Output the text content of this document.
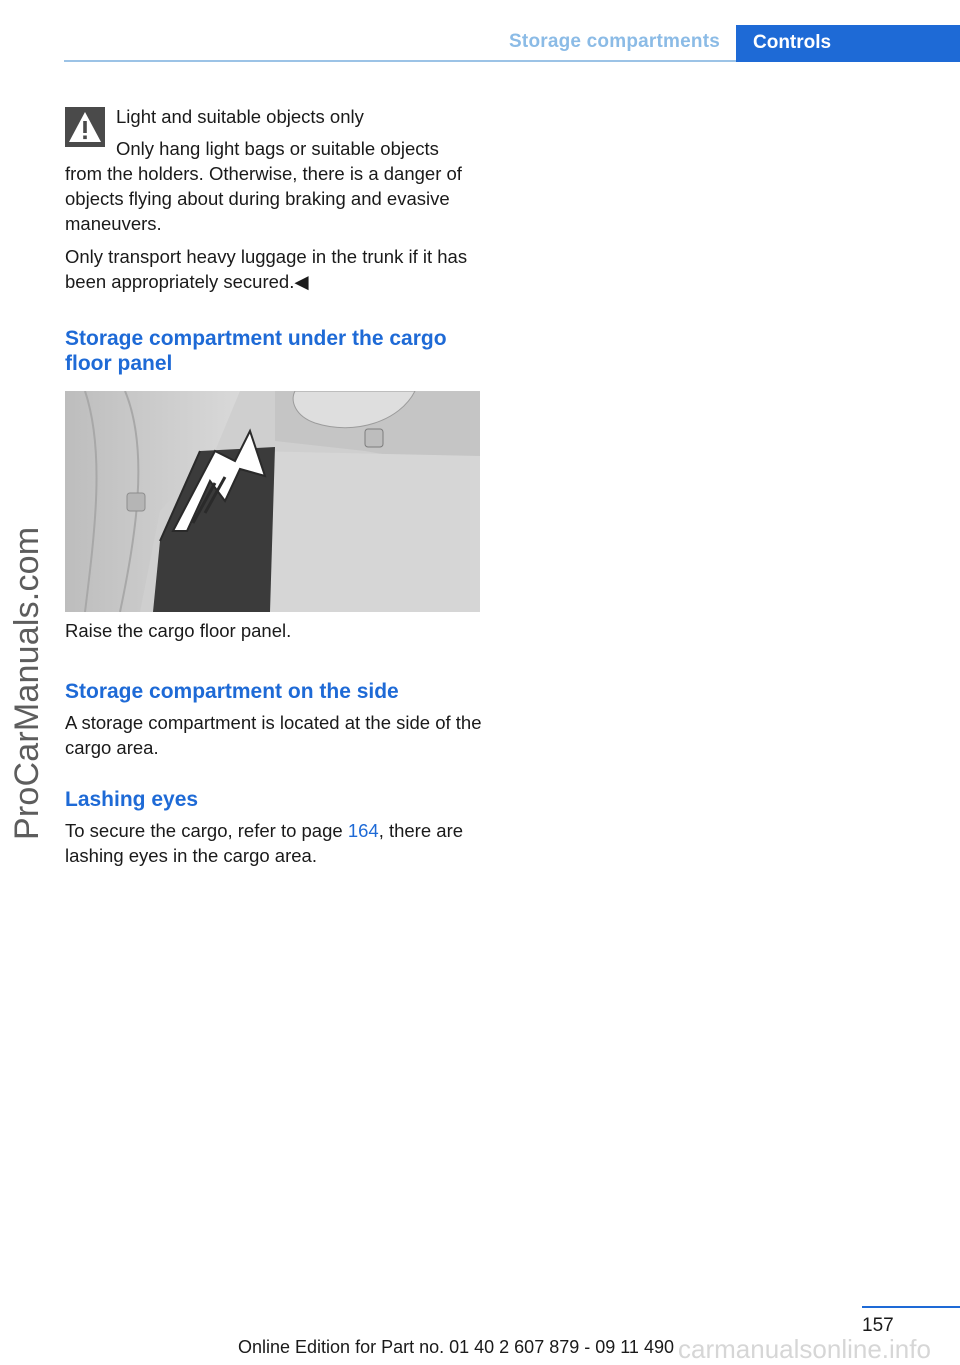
Storage compartments	Controls
ProCarManuals.com
Light and suitable objects only

Only hang light bags or suitable objects from the holders. Otherwise, there is a danger of objects flying about during braking and evasive maneuvers.

Only transport heavy luggage in the trunk if it has been appropriately secured.◀

Storage compartment under the cargo floor panel
Raise the cargo floor panel.
Storage compartment on the side

A storage compartment is located at the side of the cargo area.

Lashing eyes

To secure the cargo, refer to page 164, there are lashing eyes in the cargo area.

157
Online Edition for Part no. 01 40 2 607 879 - 09 11 490 carmanualsonline.info
